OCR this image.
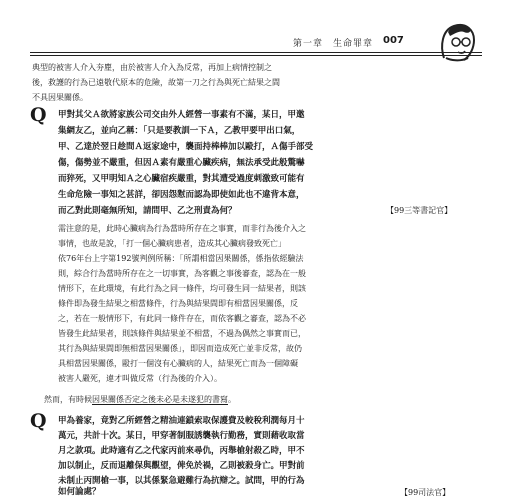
第一章　生命罪章 007
典型的被害人介入夯塵，由於被害人介入為反常，再加上病情控制之
後，救護的行為已遠敬代原本的危險，故第一刀之行為與死亡結果之間
不具因果關係。
Q 甲對其父Ａ欲將家族公司交由外人經營一事素有不滿，某日，甲邀
集網友乙，並向乙稱：「只是要教訓一下Ａ，乙教甲要甲出口氣，
甲、乙達於翌日趁間Ａ返家途中，襲面持棒棒加以毆打，Ａ傷手部受
傷，傷勢並不嚴重，但因Ａ素有嚴重心臟疾病，無法承受此般驚嚇
而猝死，又甲明知Ａ之心臟宿疾嚴重，對其遭受過度刺激致可能有
生命危險一事知之甚詳，卻因怨懟而認為即使如此也不違背本意，
而乙對此則毫無所知，請問甲、乙之刑責為何？	【99三等書記官】
需注意的是，此時心臟病為行為當時所存在之事實，而非行為後介入之
事情，也故是說，「打一個心臟病患者，造成其心臟病發致死亡」
依76年台上字第192號判例所稱：「所謂相當因果關係，係指依經驗法
則，綜合行為當時所存在之一切事實，為客觀之事後審查，認為在一般
情形下，在此環境，有此行為之同一條件，均可發生同一結果者，則該
條件即為發生結果之相當條件，行為與結果間即有相當因果關係，反
之，若在一般情形下，有此同一條件存在，而依客觀之審查，認為不必
皆發生此結果者，則該條件與結果並不相當，不過為偶然之事實而已，
其行為與結果間即無相當因果關係」，即因而造成死亡並非反常，故仍
具相當因果關係，毆打一個沒有心臟病的人，結果死亡而為一個障礙
被害人嚴死，違才叫做反常（行為後的介入）。
然而，有時候因果關係否定之後未必是未遂犯的書寫。
Q 甲為養家，竟對乙所經營之精油連鎖索取保護費及較稅利潤每月十
萬元，共計十次。某日，甲穿著制服誘襲執行勤務，實則藉收取當
月之款項。此時適有乙之代家丙前來尋仇，丙舉槍射殺乙時，甲不
加以制止，反而退離保與觀望，俾免於禍，乙則被殺身亡。甲對前
未制止丙開槍一事，以其係緊急避難行為抗辯之。試問，甲的行為
如何論處？	【99司法官】
